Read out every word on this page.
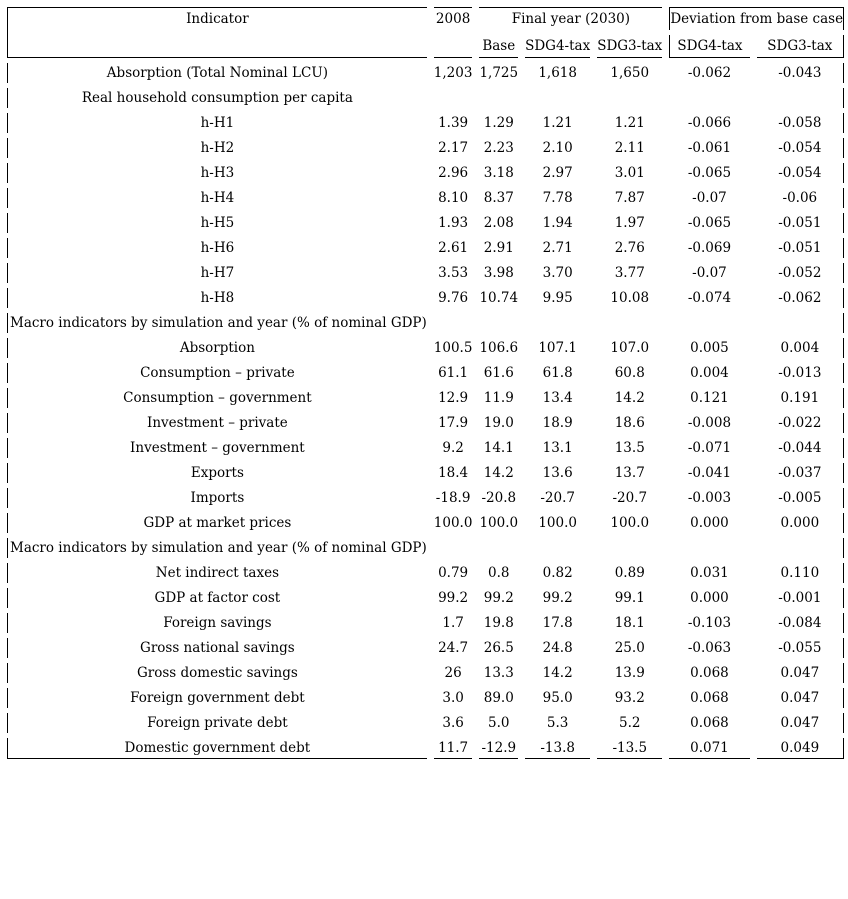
Indicator	2008	Final year (2030)			Deviation from base case	
		Base	SDG4-tax	SDG3-tax	SDG4-tax	SDG3-tax
Absorption (Total Nominal LCU)	1,203	1,725	1,618	1,650	-0.062	-0.043
Real household consumption per capita						
h-H1	1.39	1.29	1.21	1.21	-0.066	-0.058
h-H2	2.17	2.23	2.10	2.11	-0.061	-0.054
h-H3	2.96	3.18	2.97	3.01	-0.065	-0.054
h-H4	8.10	8.37	7.78	7.87	-0.07	-0.06
h-H5	1.93	2.08	1.94	1.97	-0.065	-0.051
h-H6	2.61	2.91	2.71	2.76	-0.069	-0.051
h-H7	3.53	3.98	3.70	3.77	-0.07	-0.052
h-H8	9.76	10.74	9.95	10.08	-0.074	-0.062
Macro indicators by simulation and year (% of nominal GDP)						
Absorption	100.5	106.6	107.1	107.0	0.005	0.004
Consumption – private	61.1	61.6	61.8	60.8	0.004	-0.013
Consumption – government	12.9	11.9	13.4	14.2	0.121	0.191
Investment – private	17.9	19.0	18.9	18.6	-0.008	-0.022
Investment – government	9.2	14.1	13.1	13.5	-0.071	-0.044
Exports	18.4	14.2	13.6	13.7	-0.041	-0.037
Imports	-18.9	-20.8	-20.7	-20.7	-0.003	-0.005
GDP at market prices	100.0	100.0	100.0	100.0	0.000	0.000
Macro indicators by simulation and year (% of nominal GDP)						
Net indirect taxes	0.79	0.8	0.82	0.89	0.031	0.110
GDP at factor cost	99.2	99.2	99.2	99.1	0.000	-0.001
Foreign savings	1.7	19.8	17.8	18.1	-0.103	-0.084
Gross national savings	24.7	26.5	24.8	25.0	-0.063	-0.055
Gross domestic savings	26	13.3	14.2	13.9	0.068	0.047
Foreign government debt	3.0	89.0	95.0	93.2	0.068	0.047
Foreign private debt	3.6	5.0	5.3	5.2	0.068	0.047
Domestic government debt	11.7	-12.9	-13.8	-13.5	0.071	0.049
